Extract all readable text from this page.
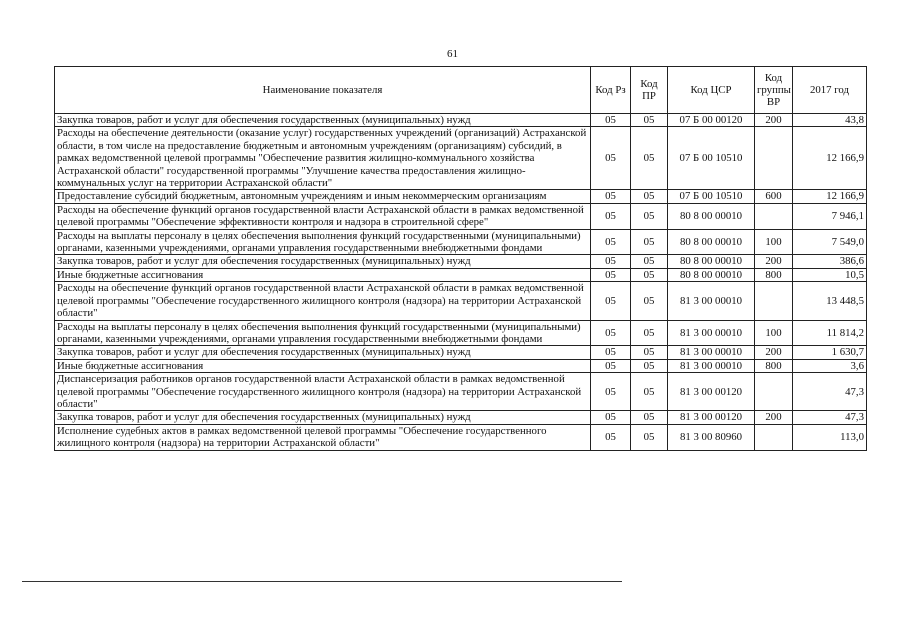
61
Наименование показателя	Код Рз	Код ПР	Код ЦСР	Код группы ВР	2017 год
Закупка товаров, работ и услуг для обеспечения государственных (муниципальных) нужд	05	05	07 Б 00 00120	200	43,8
Расходы на обеспечение деятельности (оказание услуг) государственных учреждений (организаций) Астраханской области, в том числе на предоставление бюджетным и автономным учреждениям (организациям) субсидий, в рамках ведомственной целевой программы "Обеспечение развития жилищно-коммунального хозяйства Астраханской области" государственной программы "Улучшение качества предоставления жилищно-коммунальных услуг на территории Астраханской области"	05	05	07 Б 00 10510		12 166,9
Предоставление субсидий бюджетным, автономным учреждениям и иным некоммерческим организациям	05	05	07 Б 00 10510	600	12 166,9
Расходы на обеспечение функций органов государственной власти Астраханской области в рамках ведомственной целевой программы "Обеспечение эффективности контроля и надзора в строительной сфере"	05	05	80 8 00 00010		7 946,1
Расходы на выплаты персоналу в целях обеспечения выполнения функций государственными (муниципальными) органами, казенными учреждениями, органами управления государственными внебюджетными фондами	05	05	80 8 00 00010	100	7 549,0
Закупка товаров, работ и услуг для обеспечения государственных (муниципальных) нужд	05	05	80 8 00 00010	200	386,6
Иные бюджетные ассигнования	05	05	80 8 00 00010	800	10,5
Расходы на обеспечение функций органов государственной власти Астраханской области в рамках ведомственной целевой программы "Обеспечение государственного жилищного контроля (надзора) на территории Астраханской области"	05	05	81 3 00 00010		13 448,5
Расходы на выплаты персоналу в целях обеспечения выполнения функций государственными (муниципальными) органами, казенными учреждениями, органами управления государственными внебюджетными фондами	05	05	81 3 00 00010	100	11 814,2
Закупка товаров, работ и услуг для обеспечения государственных (муниципальных) нужд	05	05	81 3 00 00010	200	1 630,7
Иные бюджетные ассигнования	05	05	81 3 00 00010	800	3,6
Диспансеризация работников органов государственной власти Астраханской области в рамках ведомственной целевой программы "Обеспечение государственного жилищного контроля (надзора) на территории Астраханской области"	05	05	81 3 00 00120		47,3
Закупка товаров, работ и услуг для обеспечения государственных (муниципальных) нужд	05	05	81 3 00 00120	200	47,3
Исполнение судебных актов в рамках ведомственной целевой программы "Обеспечение государственного жилищного контроля (надзора) на территории Астраханской области"	05	05	81 3 00 80960		113,0
